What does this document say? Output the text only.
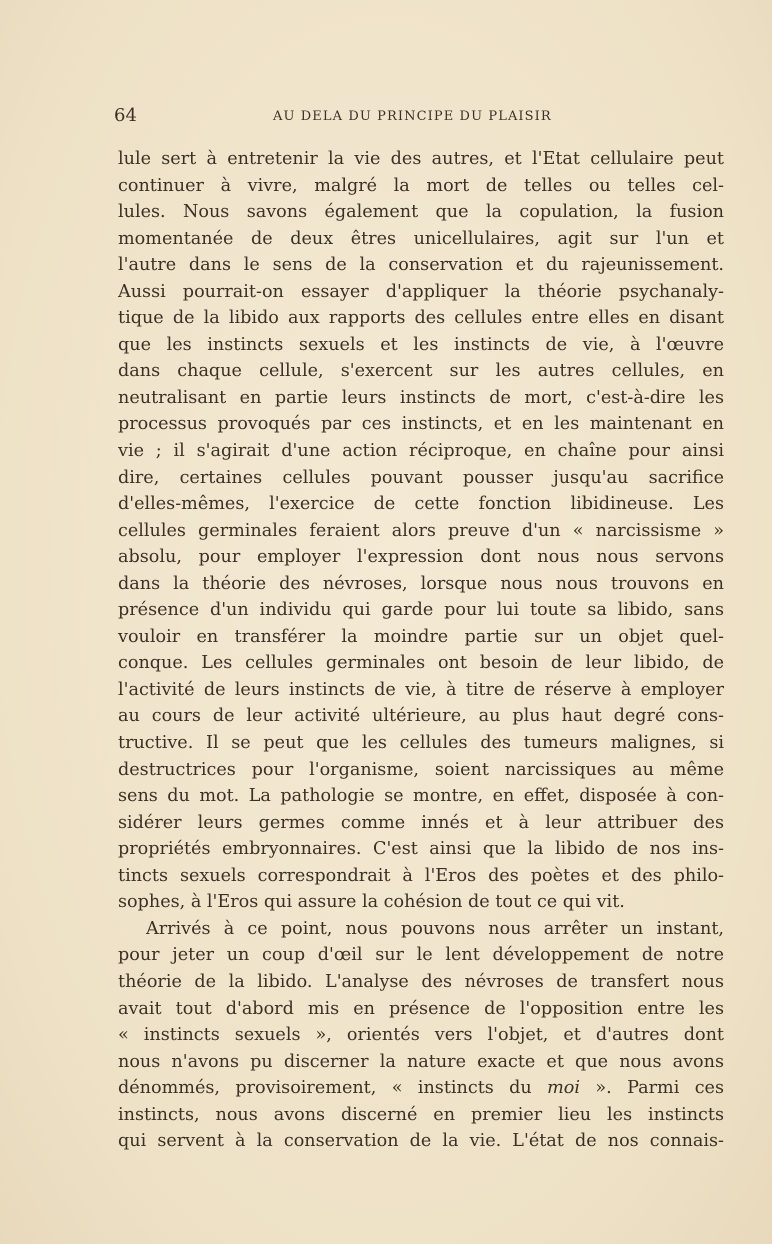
64	AU DELA DU PRINCIPE DU PLAISIR
lule sert à entretenir la vie des autres, et l'Etat cellulaire peut
continuer à vivre, malgré la mort de telles ou telles cel-
lules. Nous savons également que la copulation, la fusion
momentanée de deux êtres unicellulaires, agit sur l'un et
l'autre dans le sens de la conservation et du rajeunissement.
Aussi pourrait-on essayer d'appliquer la théorie psychanaly-
tique de la libido aux rapports des cellules entre elles en disant
que les instincts sexuels et les instincts de vie, à l'œuvre
dans chaque cellule, s'exercent sur les autres cellules, en
neutralisant en partie leurs instincts de mort, c'est-à-dire les
processus provoqués par ces instincts, et en les maintenant en
vie ; il s'agirait d'une action réciproque, en chaîne pour ainsi
dire, certaines cellules pouvant pousser jusqu'au sacrifice
d'elles-mêmes, l'exercice de cette fonction libidineuse. Les
cellules germinales feraient alors preuve d'un « narcissisme »
absolu, pour employer l'expression dont nous nous servons
dans la théorie des névroses, lorsque nous nous trouvons en
présence d'un individu qui garde pour lui toute sa libido, sans
vouloir en transférer la moindre partie sur un objet quel-
conque. Les cellules germinales ont besoin de leur libido, de
l'activité de leurs instincts de vie, à titre de réserve à employer
au cours de leur activité ultérieure, au plus haut degré cons-
tructive. Il se peut que les cellules des tumeurs malignes, si
destructrices pour l'organisme, soient narcissiques au même
sens du mot. La pathologie se montre, en effet, disposée à con-
sidérer leurs germes comme innés et à leur attribuer des
propriétés embryonnaires. C'est ainsi que la libido de nos ins-
tincts sexuels correspondrait à l'Eros des poètes et des philo-
sophes, à l'Eros qui assure la cohésion de tout ce qui vit.
Arrivés à ce point, nous pouvons nous arrêter un instant,
pour jeter un coup d'œil sur le lent développement de notre
théorie de la libido. L'analyse des névroses de transfert nous
avait tout d'abord mis en présence de l'opposition entre les
« instincts sexuels », orientés vers l'objet, et d'autres dont
nous n'avons pu discerner la nature exacte et que nous avons
dénommés, provisoirement, « instincts du moi ». Parmi ces
instincts, nous avons discerné en premier lieu les instincts
qui servent à la conservation de la vie. L'état de nos connais-
